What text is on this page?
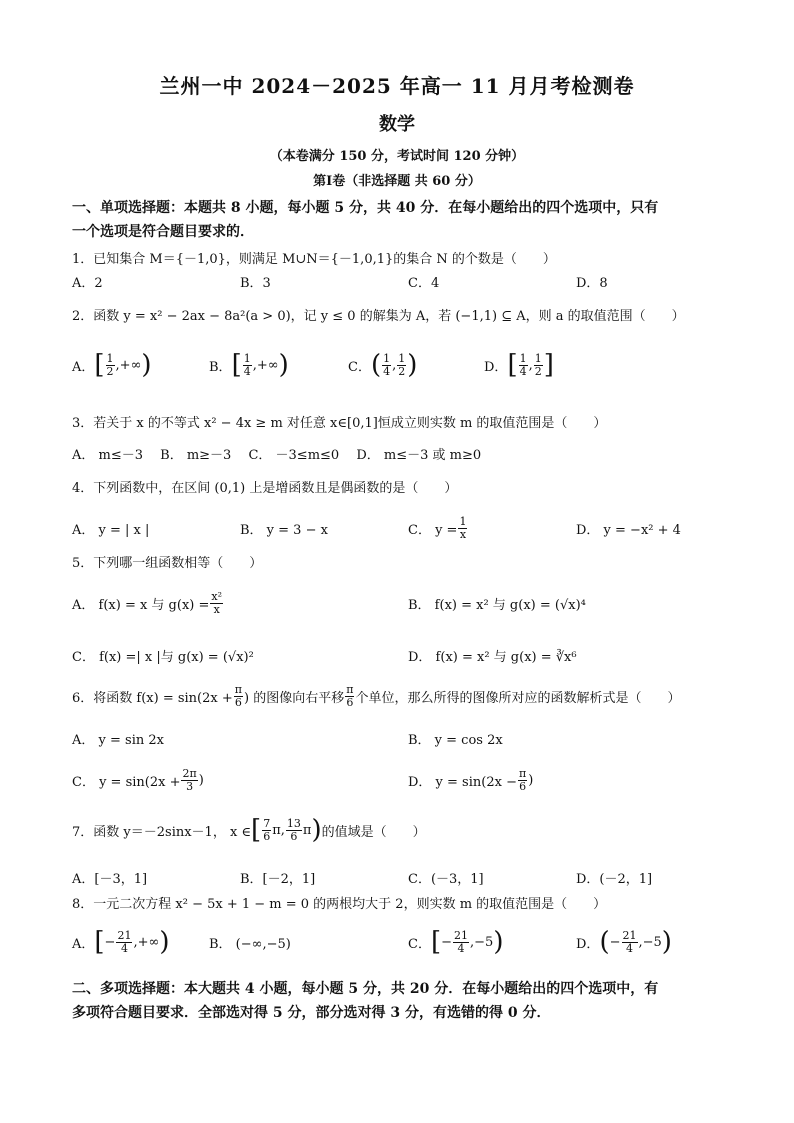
兰州一中 2024－2025 年高一 11 月月考检测卷
数学
（本卷满分 150 分，考试时间 120 分钟）
第Ⅰ卷（非选择题 共 60 分）
一、单项选择题：本题共 8 小题，每小题 5 分，共 40 分．在每小题给出的四个选项中，只有
一个选项是符合题目要求的．
1．已知集合 M＝{－1,0}，则满足 M∪N＝{－1,0,1}的集合 N 的个数是（　　）
A．2	B．3	C．4	D．8
2．函数 y = x² − 2ax − 8a²(a > 0)，记 y ≤ 0 的解集为 A，若 (−1,1) ⊆ A，则 a 的取值范围（　　）
A． [ $\frac{1}{2}$ ,+∞ )	B． [ $\frac{1}{4}$ ,+∞ )	C． ( $\frac{1}{4}$ , $\frac{1}{2}$ )	D． [ $\frac{1}{4}$ , $\frac{1}{2}$ ]
3．若关于 x 的不等式 x² − 4x ≥ m 对任意 x∈[0,1]恒成立则实数 m 的取值范围是（　　）
A． m≤－3　 B． m≥－3　 C． －3≤m≤0　 D． m≤－3 或 m≥0
4．下列函数中，在区间 (0,1) 上是增函数且是偶函数的是（　　）
A． y = | x |	B． y = 3 − x	C． $y = \frac{1}{x}$	D． y = −x² + 4
5．下列哪一组函数相等（　　）
A． f(x) = x 与 $g(x) = \frac{\text{x²}}{x}$	B． f(x) = x² 与 g(x) = (√x)⁴
C． f(x) =| x |与 g(x) = (√x)²	D． f(x) = x² 与 g(x) = ∛x⁶
6．将函数 $f(x) = \sin(2x + \frac{\pi}{6}$ ) 的图像向右平移 $\frac{\pi}{6}$ 个单位，那么所得的图像所对应的函数解析式是（　　）
A． y = sin 2x	B． y = cos 2x
C． $y = \sin(2x + \frac{2\pi}{3}$ )	D． $y = \sin(2x - \frac{\pi}{6}$ )
7．函数 y＝－2sinx－1， x ∈ [ $\frac{7}{6}$ π , $\frac{13}{6}$ π ) 的值域是（　　）
A．[－3，1]	B．[－2，1]	C．(－3，1]	D．(－2，1]
8．一元二次方程 x² − 5x + 1 − m = 0 的两根均大于 2，则实数 m 的取值范围是（　　）
A． [ − $\frac{21}{4}$ ,+∞ )	B． (−∞,−5)	C． [ − $\frac{21}{4} ,-5$ )	D． ( − $\frac{21}{4} ,-5$ )
二、多项选择题：本大题共 4 小题，每小题 5 分，共 20 分．在每小题给出的四个选项中，有
多项符合题目要求．全部选对得 5 分，部分选对得 3 分，有选错的得 0 分．
